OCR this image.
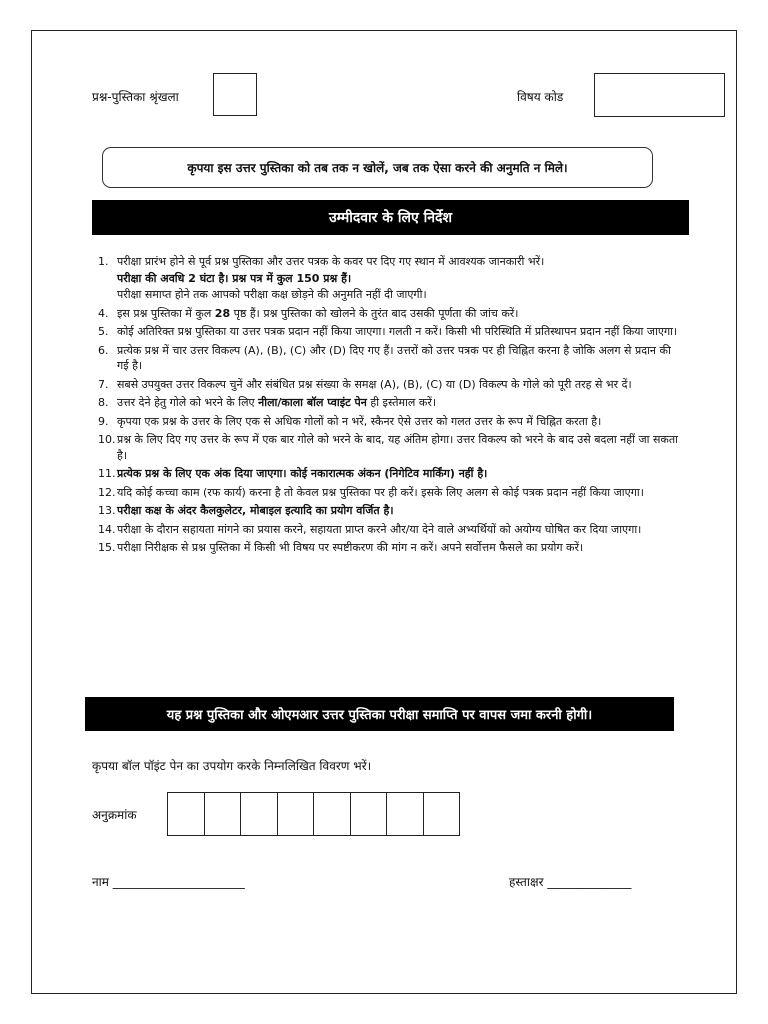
प्रश्न-पुस्तिका श्रृंखला	विषय कोड
कृपया इस उत्तर पुस्तिका को तब तक न खोलें, जब तक ऐसा करने की अनुमति न मिले।
उम्मीदवार के लिए निर्देश
1. परीक्षा प्रारंभ होने से पूर्व प्रश्न पुस्तिका और उत्तर पत्रक के कवर पर दिए गए स्थान में आवश्यक जानकारी भरें।
परीक्षा की अवधि 2 घंटा है। प्रश्न पत्र में कुल 150 प्रश्न हैं।
परीक्षा समाप्त होने तक आपको परीक्षा कक्ष छोड़ने की अनुमति नहीं दी जाएगी।
4. इस प्रश्न पुस्तिका में कुल 28 पृष्ठ हैं। प्रश्न पुस्तिका को खोलने के तुरंत बाद उसकी पूर्णता की जांच करें।
5. कोई अतिरिक्त प्रश्न पुस्तिका या उत्तर पत्रक प्रदान नहीं किया जाएगा। गलती न करें। किसी भी परिस्थिति में प्रतिस्थापन प्रदान नहीं किया जाएगा।
6. प्रत्येक प्रश्न में चार उत्तर विकल्प (A), (B), (C) और (D) दिए गए हैं। उत्तरों को उत्तर पत्रक पर ही चिह्नित करना है जोकि अलग से प्रदान की गई है।
7. सबसे उपयुक्त उत्तर विकल्प चुनें और संबंधित प्रश्न संख्या के समक्ष (A), (B), (C) या (D) विकल्प के गोले को पूरी तरह से भर दें।
8. उत्तर देने हेतु गोले को भरने के लिए नीला/काला बॉल प्वाइंट पेन ही इस्तेमाल करें।
9. कृपया एक प्रश्न के उत्तर के लिए एक से अधिक गोलों को न भरें, स्कैनर ऐसे उत्तर को गलत उत्तर के रूप में चिह्नित करता है।
10. प्रश्न के लिए दिए गए उत्तर के रूप में एक बार गोले को भरने के बाद, यह अंतिम होगा। उत्तर विकल्प को भरने के बाद उसे बदला नहीं जा सकता है।
11. प्रत्येक प्रश्न के लिए एक अंक दिया जाएगा। कोई नकारात्मक अंकन (निगेटिव मार्किंग) नहीं है।
12. यदि कोई कच्चा काम (रफ कार्य) करना है तो केवल प्रश्न पुस्तिका पर ही करें। इसके लिए अलग से कोई पत्रक प्रदान नहीं किया जाएगा।
13. परीक्षा कक्ष के अंदर कैलकुलेटर, मोबाइल इत्यादि का प्रयोग वर्जित है।
14. परीक्षा के दौरान सहायता मांगने का प्रयास करने, सहायता प्राप्त करने और/या देने वाले अभ्यर्थियों को अयोग्य घोषित कर दिया जाएगा।
15. परीक्षा निरीक्षक से प्रश्न पुस्तिका में किसी भी विषय पर स्पष्टीकरण की मांग न करें। अपने सर्वोत्तम फैसले का प्रयोग करें।
यह प्रश्न पुस्तिका और ओएमआर उत्तर पुस्तिका परीक्षा समाप्ति पर वापस जमा करनी होगी।
कृपया बॉल पॉइंट पेन का उपयोग करके निम्नलिखित विवरण भरें।
अनुक्रमांक
नाम ______________________	हस्ताक्षर ______________
